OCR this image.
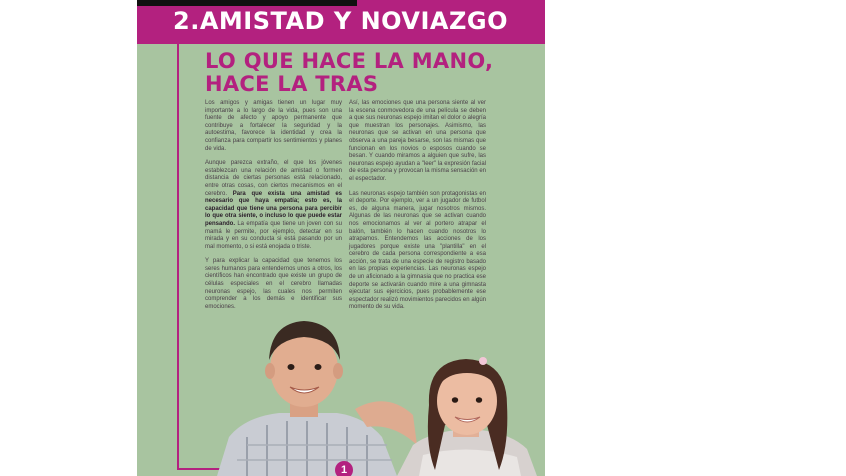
2.AMISTAD Y NOVIAZGO
LO QUE HACE LA MANO,
HACE LA TRAS

Los amigos y amigas tienen un lugar muy importante a lo largo de la vida, pues son una fuente de afecto y apoyo permanente que contribuye a fortalecer la seguridad y la autoestima, favorece la identidad y crea la confianza para compartir los sentimientos y planes de vida.

Aunque parezca extraño, el que los jóvenes establezcan una relación de amistad o formen distancia de ciertas personas está relacionado, entre otras cosas, con ciertos mecanismos en el cerebro. Para que exista una amistad es necesario que haya empatía; esto es, la capacidad que tiene una persona para percibir lo que otra siente, o incluso lo que puede estar pensando. La empatía que tiene un joven con su mamá le permite, por ejemplo, detectar en su mirada y en su conducta si está pasando por un mal momento, o si está enojada o triste.

Y para explicar la capacidad que tenemos los seres humanos para entendernos unos a otros, los científicos han encontrado que existe un grupo de células especiales en el cerebro llamadas neuronas espejo, las cuales nos permiten comprender a los demás e identificar sus emociones.

Así, las emociones que una persona siente al ver la escena conmovedora de una película se deben a que sus neuronas espejo imitan el dolor o alegría que muestran los personajes. Asimismo, las neuronas que se activan en una persona que observa a una pareja besarse, son las mismas que funcionan en los novios o esposos cuando se besan. Y cuando miramos a alguien que sufre, las neuronas espejo ayudan a "leer" la expresión facial de esta persona y provocan la misma sensación en el espectador.

Las neuronas espejo también son protagonistas en el deporte. Por ejemplo, ver a un jugador de futbol es, de alguna manera, jugar nosotros mismos. Algunas de las neuronas que se activan cuando nos emocionamos al ver al portero atrapar el balón, también lo hacen cuando nosotros lo atrapamos. Entendemos las acciones de los jugadores porque existe una "plantilla" en el cerebro de cada persona correspondiente a esa acción, se trata de una especie de registro basado en las propias experiencias. Las neuronas espejo de un aficionado a la gimnasia que no practica ese deporte se activarán cuando mire a una gimnasta ejecutar sus ejercicios, pues probablemente ese espectador realizó movimientos parecidos en algún momento de su vida.

1
